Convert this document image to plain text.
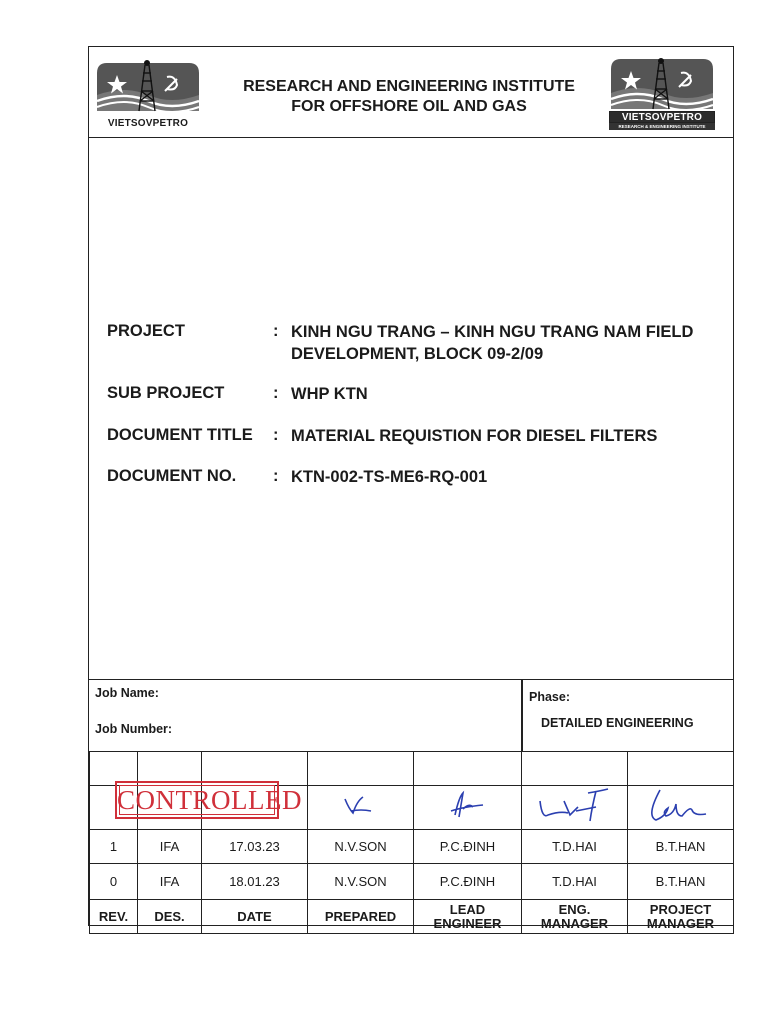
VIETSOVPETRO
RESEARCH AND ENGINEERING INSTITUTE
FOR OFFSHORE OIL AND GAS
VIETSOVPETRO
RESEARCH & ENGINEERING INSTITUTE
PROJECT	: KINH NGU TRANG – KINH NGU TRANG NAM FIELD
DEVELOPMENT, BLOCK 09-2/09
SUB PROJECT	: WHP KTN
DOCUMENT TITLE : MATERIAL REQUISTION FOR DIESEL FILTERS
DOCUMENT NO. : KTN-002-TS-ME6-RQ-001
Job Name:
Job Number:
Phase:
DETAILED ENGINEERING

1	IFA	17.03.23	N.V.SON	P.C.ĐINH	T.D.HAI	B.T.HAN
0	IFA	18.01.23	N.V.SON	P.C.ĐINH	T.D.HAI	B.T.HAN
REV.	DES.	DATE	PREPARED	LEAD ENGINEER	ENG. MANAGER	PROJECT MANAGER
CONTROLLED
